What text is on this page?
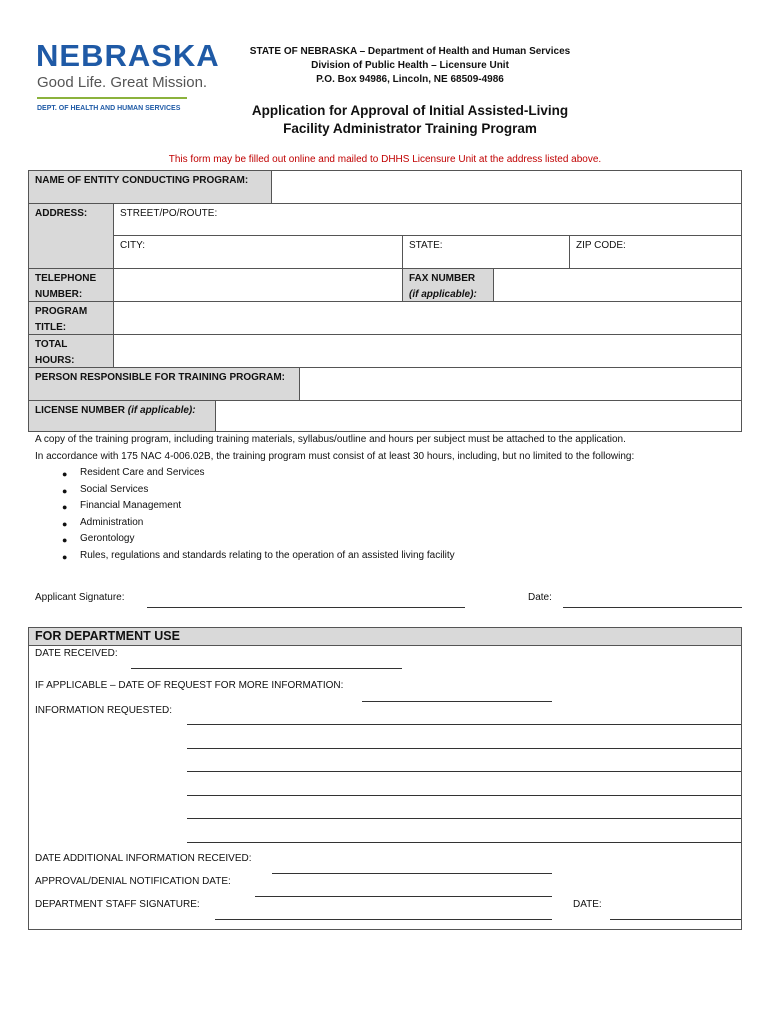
NEBRASKA
Good Life. Great Mission.
DEPT. OF HEALTH AND HUMAN SERVICES
STATE OF NEBRASKA – Department of Health and Human Services
Division of Public Health – Licensure Unit
P.O. Box 94986, Lincoln, NE 68509-4986
Application for Approval of Initial Assisted-Living
Facility Administrator Training Program
This form may be filled out online and mailed to DHHS Licensure Unit at the address listed above.
NAME OF ENTITY CONDUCTING PROGRAM:
ADDRESS:	STREET/PO/ROUTE:
CITY:	STATE:	ZIP CODE:
TELEPHONE
NUMBER:
FAX NUMBER
(if applicable):
PROGRAM
TITLE:
TOTAL
HOURS:
PERSON RESPONSIBLE FOR TRAINING PROGRAM:
LICENSE NUMBER (if applicable):
A copy of the training program, including training materials, syllabus/outline and hours per subject must be attached to the application.
In accordance with 175 NAC 4-006.02B, the training program must consist of at least 30 hours, including, but no limited to the following:
● Resident Care and Services
● Social Services
● Financial Management
● Administration
● Gerontology
● Rules, regulations and standards relating to the operation of an assisted living facility
Applicant Signature:	Date:
FOR DEPARTMENT USE
DATE RECEIVED:
IF APPLICABLE – DATE OF REQUEST FOR MORE INFORMATION:
INFORMATION REQUESTED:
DATE ADDITIONAL INFORMATION RECEIVED:
APPROVAL/DENIAL NOTIFICATION DATE:
DEPARTMENT STAFF SIGNATURE:	DATE:
